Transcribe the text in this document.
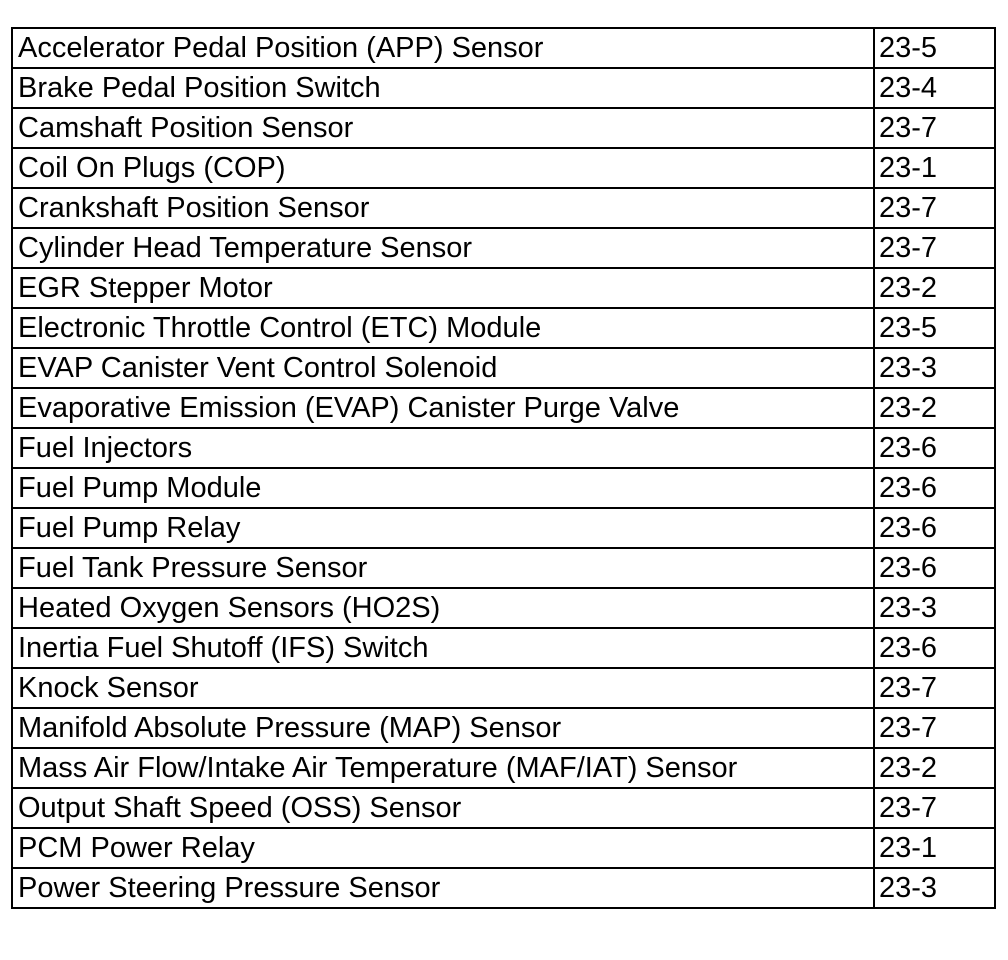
Accelerator Pedal Position (APP) Sensor	23-5
Brake Pedal Position Switch	23-4
Camshaft Position Sensor	23-7
Coil On Plugs (COP)	23-1
Crankshaft Position Sensor	23-7
Cylinder Head Temperature Sensor	23-7
EGR Stepper Motor	23-2
Electronic Throttle Control (ETC) Module	23-5
EVAP Canister Vent Control Solenoid	23-3
Evaporative Emission (EVAP) Canister Purge Valve	23-2
Fuel Injectors	23-6
Fuel Pump Module	23-6
Fuel Pump Relay	23-6
Fuel Tank Pressure Sensor	23-6
Heated Oxygen Sensors (HO2S)	23-3
Inertia Fuel Shutoff (IFS) Switch	23-6
Knock Sensor	23-7
Manifold Absolute Pressure (MAP) Sensor	23-7
Mass Air Flow/Intake Air Temperature (MAF/IAT) Sensor	23-2
Output Shaft Speed (OSS) Sensor	23-7
PCM Power Relay	23-1
Power Steering Pressure Sensor	23-3
